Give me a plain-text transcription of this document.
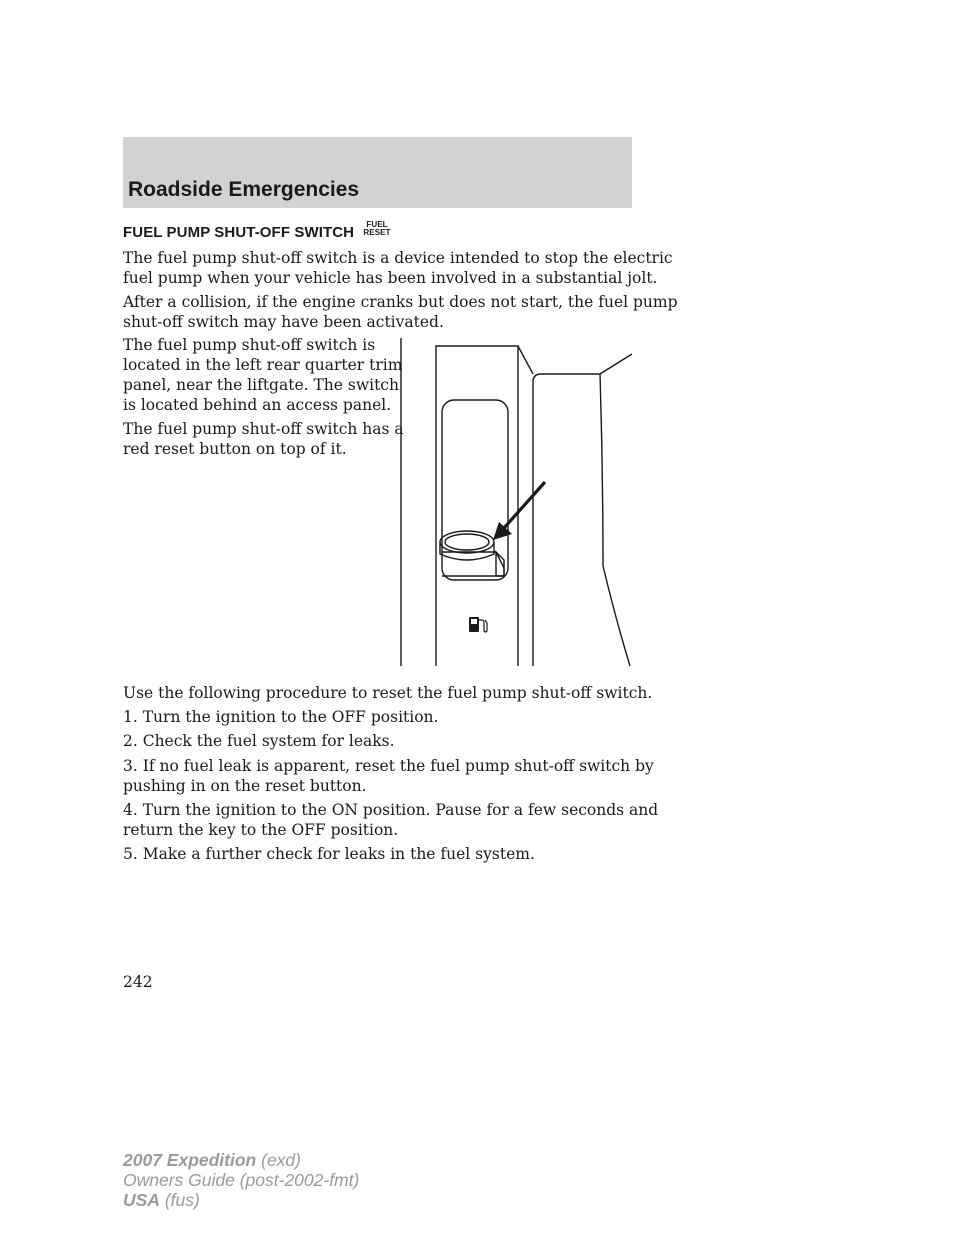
Roadside Emergencies
FUEL PUMP SHUT-OFF SWITCH	FUEL
RESET

The fuel pump shut-off switch is a device intended to stop the electric
fuel pump when your vehicle has been involved in a substantial jolt.

After a collision, if the engine cranks but does not start, the fuel pump
shut-off switch may have been activated.

The fuel pump shut-off switch is
located in the left rear quarter trim
panel, near the liftgate. The switch
is located behind an access panel.

The fuel pump shut-off switch has a
red reset button on top of it.

Use the following procedure to reset the fuel pump shut-off switch.

1. Turn the ignition to the OFF position.

2. Check the fuel system for leaks.

3. If no fuel leak is apparent, reset the fuel pump shut-off switch by
pushing in on the reset button.

4. Turn the ignition to the ON position. Pause for a few seconds and
return the key to the OFF position.

5. Make a further check for leaks in the fuel system.

242
2007 Expedition (exd)
Owners Guide (post-2002-fmt)
USA (fus)
